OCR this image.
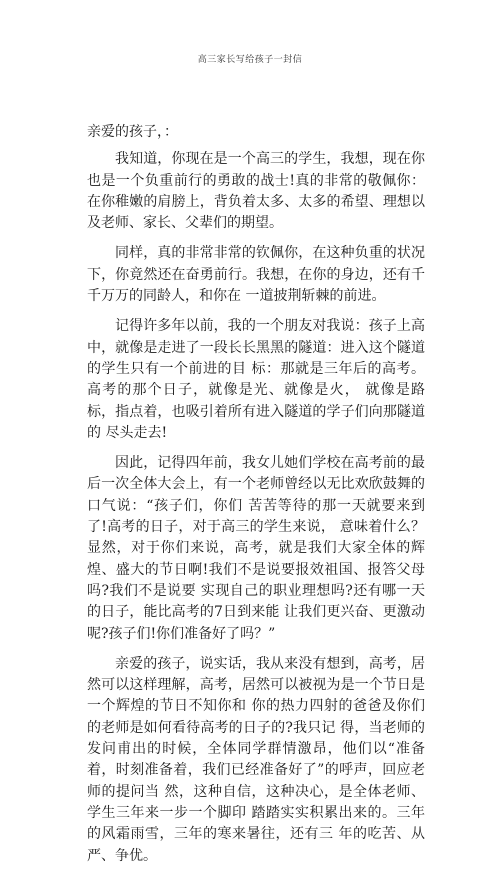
高三家长写给孩子一封信

亲爱的孩子，：

我知道，你现在是一个高三的学生，我想，现在你也是一个负重前行的勇敢的战士!真的非常的敬佩你：在你稚嫩的肩膀上，背负着太多、太多的希望、理想以及老师、家长、父辈们的期望。

同样，真的非常非常的钦佩你，在这种负重的状况下，你竟然还在奋勇前行。我想，在你的身边，还有千千万万的同龄人，和你在 一道披荆斩棘的前进。

记得许多年以前，我的一个朋友对我说：孩子上高中，就像是走进了一段长长黑黑的隧道：进入这个隧道的学生只有一个前进的目 标：那就是三年后的高考。高考的那个日子，就像是光、就像是火， 就像是路标，指点着，也吸引着所有进入隧道的学子们向那隧道的 尽头走去!

因此，记得四年前，我女儿她们学校在高考前的最后一次全体大会上，有一个老师曾经以无比欢欣鼓舞的口气说：“孩子们，你们 苦苦等待的那一天就要来到了!高考的日子，对于高三的学生来说， 意味着什么？显然，对于你们来说，高考，就是我们大家全体的辉煌、盛大的节日啊!我们不是说要报效祖国、报答父母吗?我们不是说要 实现自己的职业理想吗?还有哪一天的日子，能比高考的7日到来能 让我们更兴奋、更激动呢?孩子们!你们准备好了吗？”

亲爱的孩子，说实话，我从来没有想到，高考，居然可以这样理解，高考，居然可以被视为是一个节日是一个辉煌的节日不知你和 你的热力四射的爸爸及你们的老师是如何看待高考的日子的?我只记 得，当老师的发问甫出的时候，全体同学群情激昂，他们以“准备 着，时刻准备着，我们已经准备好了”的呼声，回应老师的提问当 然，这种自信，这种决心，是全体老师、学生三年来一步一个脚印 踏踏实实积累出来的。三年的风霜雨雪，三年的寒来暑往，还有三 年的吃苦、从严、争优。
